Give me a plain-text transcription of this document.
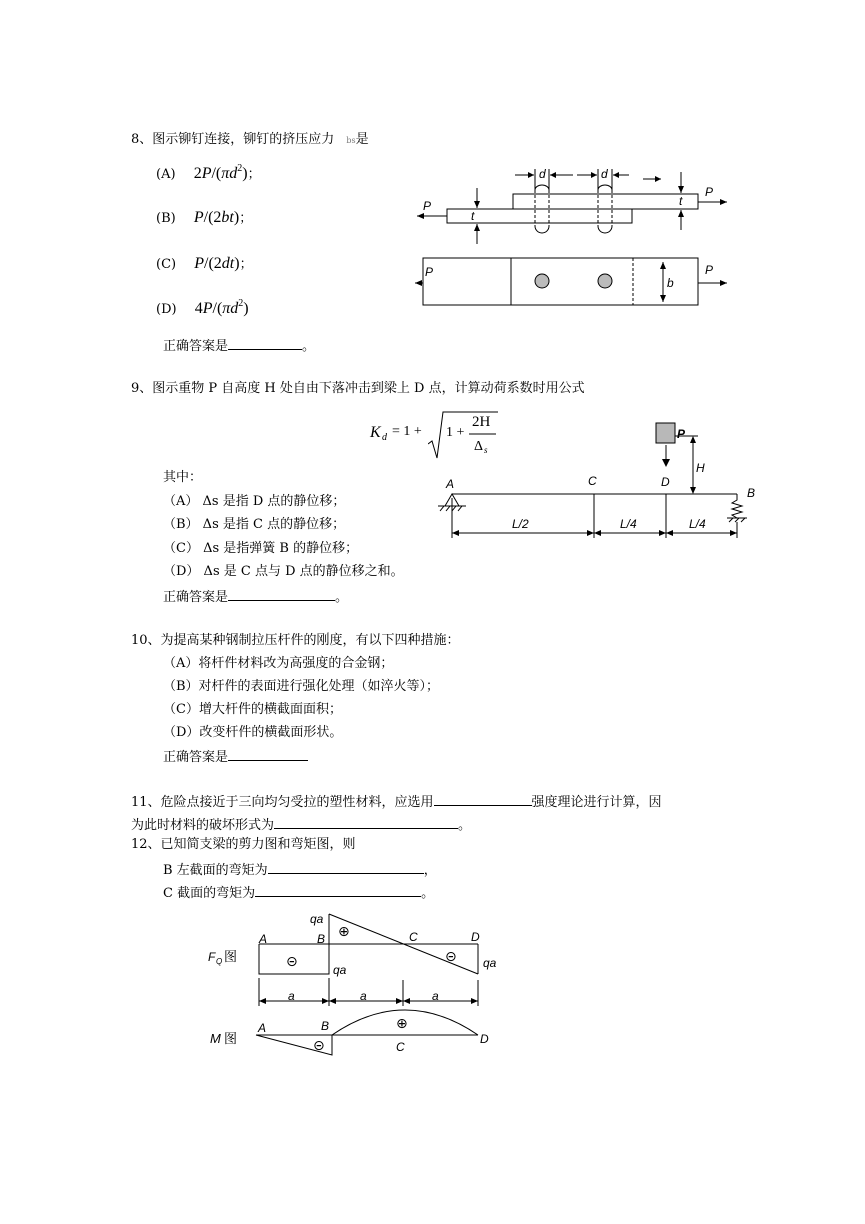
8、图示铆钉连接，铆钉的挤压应力 bs是
(A) $2P/(\pi d^2)$；
(B) P/(2bt)；
(C) P/(2dt)；
(D) $4P/(\pi d^2)$
正确答案是	。
d	d
t
t
P
P
P	P
b
9、图示重物 P 自高度 H 处自由下落冲击到梁上 D 点，计算动荷系数时用公式
K d = 1 + 1 +
2H
Δ s
其中：
（A） Δs 是指 D 点的静位移；
（B） Δs 是指 C 点的静位移；
（C） Δs 是指弹簧 B 的静位移；
（D） Δs 是 C 点与 D 点的静位移之和。
正确答案是	。
P
H
A	C	D
B
L/2	L/4	L/4
10、为提高某种钢制拉压杆件的刚度，有以下四种措施：
（A）将杆件材料改为高强度的合金钢；
（B）对杆件的表面进行强化处理（如淬火等）；
（C）增大杆件的横截面面积；
（D）改变杆件的横截面形状。
正确答案是
11、危险点接近于三向均匀受拉的塑性材料，应选用	强度理论进行计算，因
为此时材料的破坏形式为	。
12、已知简支梁的剪力图和弯矩图，则
B 左截面的弯矩为	，
C 截面的弯矩为	。
F Q 图
A	B	C	D
qa
qa	qa
⊕
⊝	⊝
a	a	a
M 图
A	B
C
D
⊕
⊝
